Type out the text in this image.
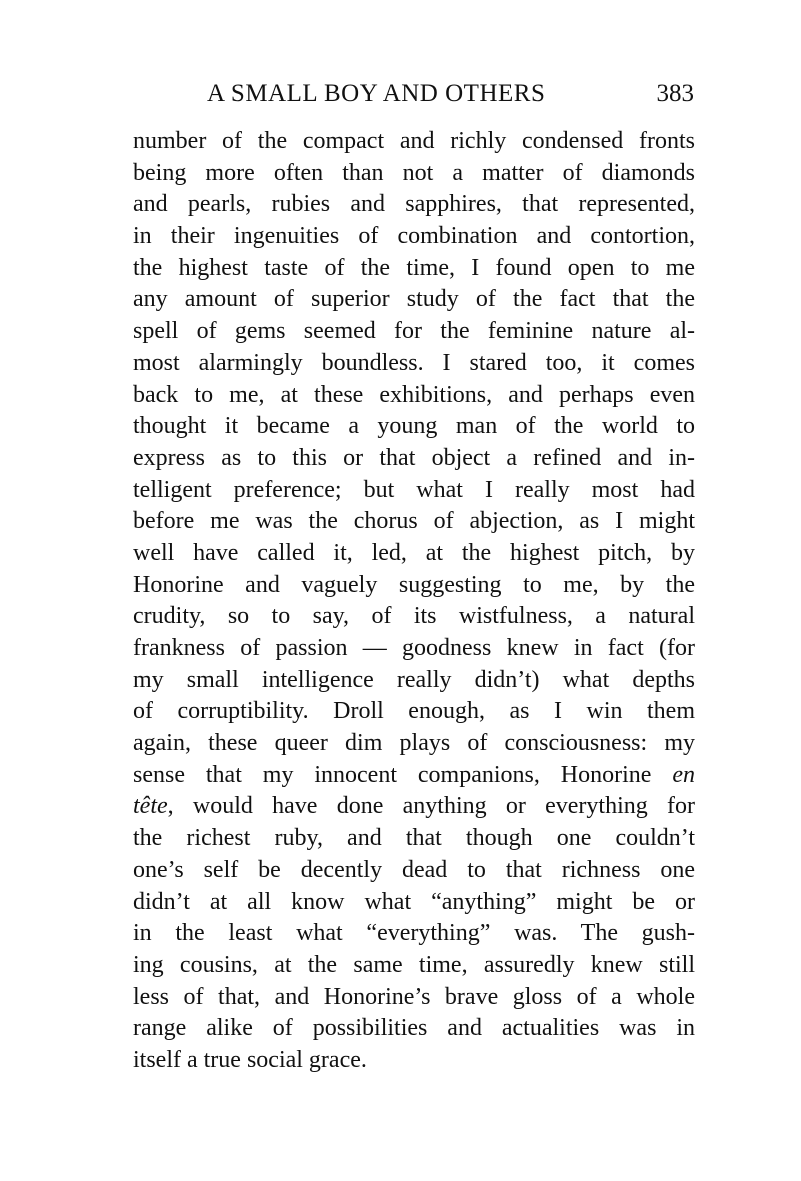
A SMALL BOY AND OTHERS	383
number of the compact and richly condensed fronts
being more often than not a matter of diamonds
and pearls, rubies and sapphires, that represented,
in their ingenuities of combination and contortion,
the highest taste of the time, I found open to me
any amount of superior study of the fact that the
spell of gems seemed for the feminine nature al-
most alarmingly boundless. I stared too, it comes
back to me, at these exhibitions, and perhaps even
thought it became a young man of the world to
express as to this or that object a refined and in-
telligent preference; but what I really most had
before me was the chorus of abjection, as I might
well have called it, led, at the highest pitch, by
Honorine and vaguely suggesting to me, by the
crudity, so to say, of its wistfulness, a natural
frankness of passion — goodness knew in fact (for
my small intelligence really didn’t) what depths
of corruptibility. Droll enough, as I win them
again, these queer dim plays of consciousness: my
sense that my innocent companions, Honorine en
tête, would have done anything or everything for
the richest ruby, and that though one couldn’t
one’s self be decently dead to that richness one
didn’t at all know what “anything” might be or
in the least what “everything” was. The gush-
ing cousins, at the same time, assuredly knew still
less of that, and Honorine’s brave gloss of a whole
range alike of possibilities and actualities was in
itself a true social grace.
